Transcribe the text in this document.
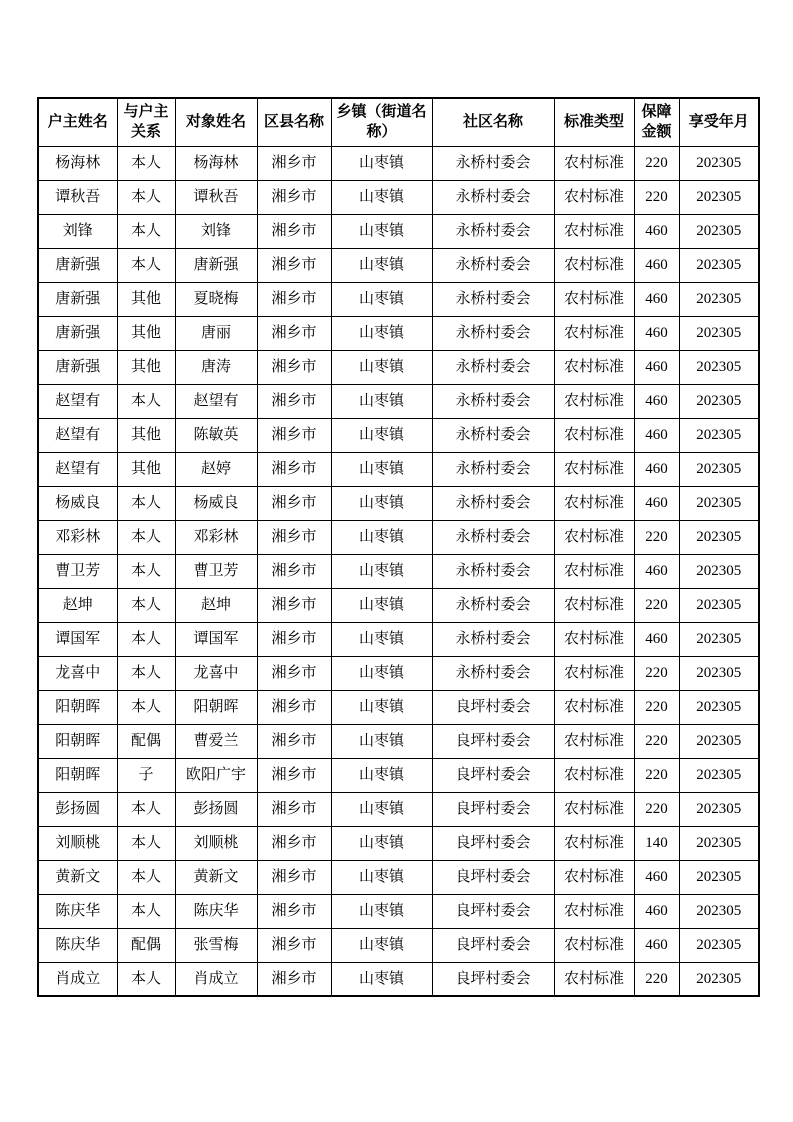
户主姓名	与户主关系	对象姓名	区县名称	乡镇（街道名称）	社区名称	标准类型	保障金额	享受年月
杨海林	本人	杨海林	湘乡市	山枣镇	永桥村委会	农村标准	220	202305
谭秋吾	本人	谭秋吾	湘乡市	山枣镇	永桥村委会	农村标准	220	202305
刘锋	本人	刘锋	湘乡市	山枣镇	永桥村委会	农村标准	460	202305
唐新强	本人	唐新强	湘乡市	山枣镇	永桥村委会	农村标准	460	202305
唐新强	其他	夏晓梅	湘乡市	山枣镇	永桥村委会	农村标准	460	202305
唐新强	其他	唐丽	湘乡市	山枣镇	永桥村委会	农村标准	460	202305
唐新强	其他	唐涛	湘乡市	山枣镇	永桥村委会	农村标准	460	202305
赵望有	本人	赵望有	湘乡市	山枣镇	永桥村委会	农村标准	460	202305
赵望有	其他	陈敏英	湘乡市	山枣镇	永桥村委会	农村标准	460	202305
赵望有	其他	赵婷	湘乡市	山枣镇	永桥村委会	农村标准	460	202305
杨威良	本人	杨威良	湘乡市	山枣镇	永桥村委会	农村标准	460	202305
邓彩林	本人	邓彩林	湘乡市	山枣镇	永桥村委会	农村标准	220	202305
曹卫芳	本人	曹卫芳	湘乡市	山枣镇	永桥村委会	农村标准	460	202305
赵坤	本人	赵坤	湘乡市	山枣镇	永桥村委会	农村标准	220	202305
谭国军	本人	谭国军	湘乡市	山枣镇	永桥村委会	农村标准	460	202305
龙喜中	本人	龙喜中	湘乡市	山枣镇	永桥村委会	农村标准	220	202305
阳朝晖	本人	阳朝晖	湘乡市	山枣镇	良坪村委会	农村标准	220	202305
阳朝晖	配偶	曹爱兰	湘乡市	山枣镇	良坪村委会	农村标准	220	202305
阳朝晖	子	欧阳广宇	湘乡市	山枣镇	良坪村委会	农村标准	220	202305
彭扬圆	本人	彭扬圆	湘乡市	山枣镇	良坪村委会	农村标准	220	202305
刘顺桃	本人	刘顺桃	湘乡市	山枣镇	良坪村委会	农村标准	140	202305
黄新文	本人	黄新文	湘乡市	山枣镇	良坪村委会	农村标准	460	202305
陈庆华	本人	陈庆华	湘乡市	山枣镇	良坪村委会	农村标准	460	202305
陈庆华	配偶	张雪梅	湘乡市	山枣镇	良坪村委会	农村标准	460	202305
肖成立	本人	肖成立	湘乡市	山枣镇	良坪村委会	农村标准	220	202305
